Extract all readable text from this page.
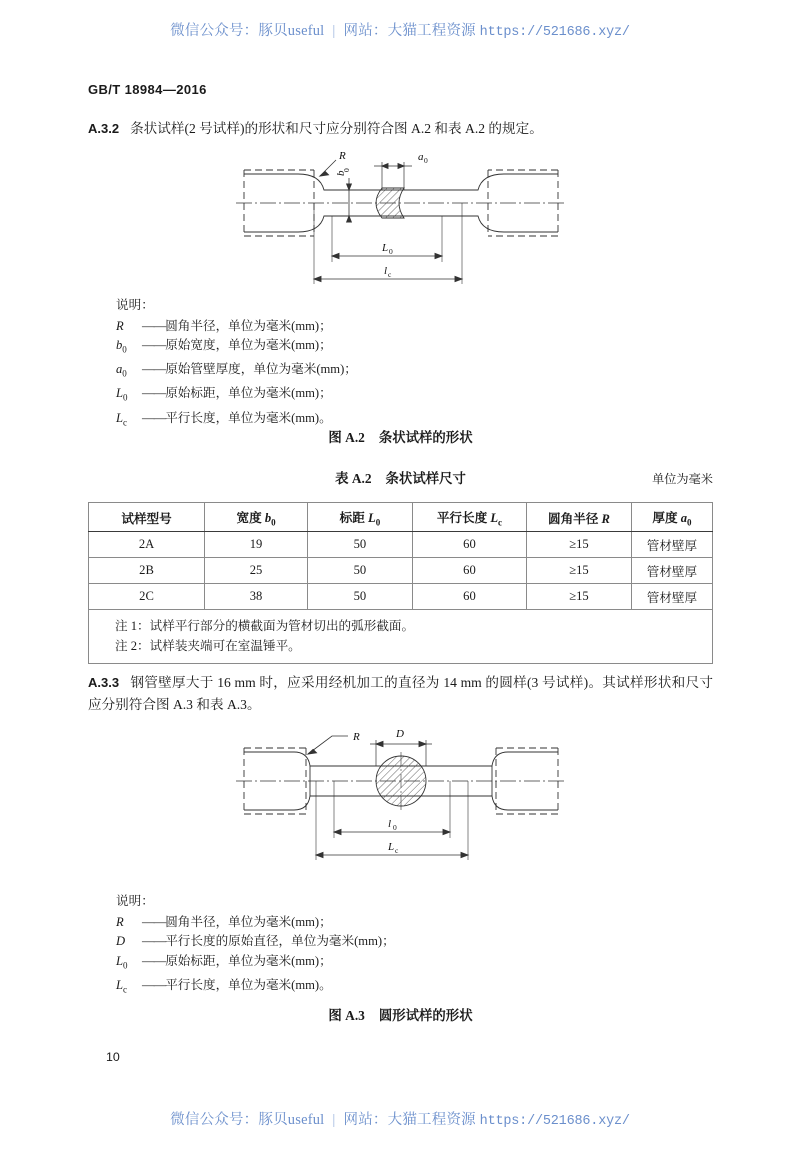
微信公众号：豚贝useful | 网站：大猫工程资源 https://521686.xyz/
GB/T 18984—2016
A.3.2 条状试样(2 号试样)的形状和尺寸应分别符合图 A.2 和表 A.2 的规定。
R	a 0
b
0
L 0
l c
说明：
R ——圆角半径，单位为毫米(mm)；
$b_0$ ——原始宽度，单位为毫米(mm)；
$a_0$ ——原始管壁厚度，单位为毫米(mm)；
$L_0$ ——原始标距，单位为毫米(mm)；
$L_c$ ——平行长度，单位为毫米(mm)。
图 A.2 条状试样的形状
表 A.2 条状试样尺寸	单位为毫米
试样型号	宽度 $b_0$	标距 $L_0$	平行长度 $L_c$	圆角半径 R	厚度 $a_0$
2A	19	50	60	≥15	管材壁厚
2B	25	50	60	≥15	管材壁厚
2C	38	50	60	≥15	管材壁厚

注 1：试样平行部分的横截面为管材切出的弧形截面。
注 2：试样装夹端可在室温锤平。					
A.3.3 钢管壁厚大于 16 mm 时，应采用经机加工的直径为 14 mm 的圆样(3 号试样)。其试样形状和尺寸应分别符合图 A.3 和表 A.3。
R	D
l 0
L c
说明：
R ——圆角半径，单位为毫米(mm)；
D ——平行长度的原始直径，单位为毫米(mm)；
$L_0$ ——原始标距，单位为毫米(mm)；
$L_c$ ——平行长度，单位为毫米(mm)。
图 A.3 圆形试样的形状
10
微信公众号：豚贝useful | 网站：大猫工程资源 https://521686.xyz/
